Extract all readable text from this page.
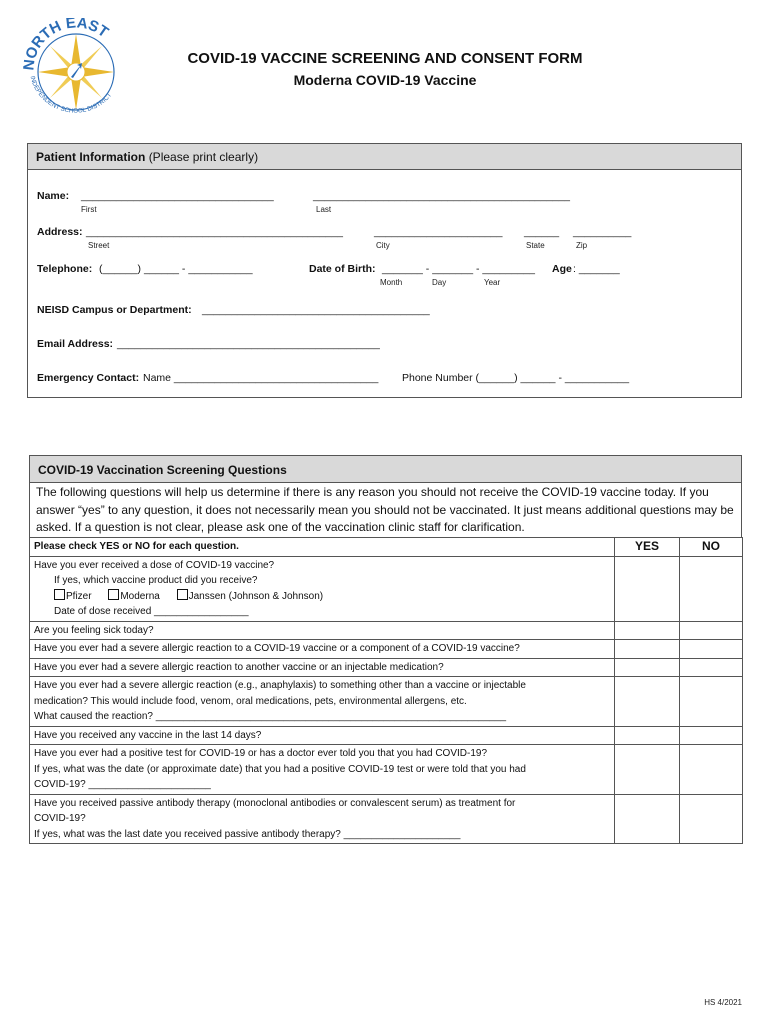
NORTH EAST
INDEPENDENT SCHOOL DISTRICT
COVID-19 VACCINE SCREENING AND CONSENT FORM
Moderna COVID-19 Vaccine
Patient Information (Please print clearly)
Name: _________________________________	____________________________________________
First	Last
Address: ____________________________________________	______________________ ______ __________
Street	City	State	Zip
Telephone: (______) ______ - ___________	Date of Birth: _______ - _______ - _________ Age : _______
Month	Day	Year
NEISD Campus or Department: _______________________________________
Email Address: _____________________________________________
Emergency Contact: Name ___________________________________ Phone Number (______) ______ - ___________
COVID-19 Vaccination Screening Questions
The following questions will help us determine if there is any reason you should not receive the COVID-19 vaccine today. If you answer “yes” to any question, it does not necessarily mean you should not be vaccinated. It just means additional questions may be asked. If a question is not clear, please ask one of the vaccination clinic staff for clarification.
Please check YES or NO for each question.	YES	NO
Have you ever received a dose of COVID-19 vaccine?
If yes, which vaccine product did you receive?
Pfizer Moderna Janssen (Johnson & Johnson)
Date of dose received _________________		

Are you feeling sick today?		
Have you ever had a severe allergic reaction to a COVID-19 vaccine or a component of a COVID-19 vaccine?		
Have you ever had a severe allergic reaction to another vaccine or an injectable medication?		

Have you ever had a severe allergic reaction (e.g., anaphylaxis) to something other than a vaccine or injectable
medication? This would include food, venom, oral medications, pets, environmental allergens, etc.
What caused the reaction? _______________________________________________________________		

Have you received any vaccine in the last 14 days?		

Have you ever had a positive test for COVID-19 or has a doctor ever told you that you had COVID-19?
If yes, what was the date (or approximate date) that you had a positive COVID-19 test or were told that you had
COVID-19? ______________________		

Have you received passive antibody therapy (monoclonal antibodies or convalescent serum) as treatment for
COVID-19?
If yes, what was the last date you received passive antibody therapy? _____________________		

HS 4/2021
